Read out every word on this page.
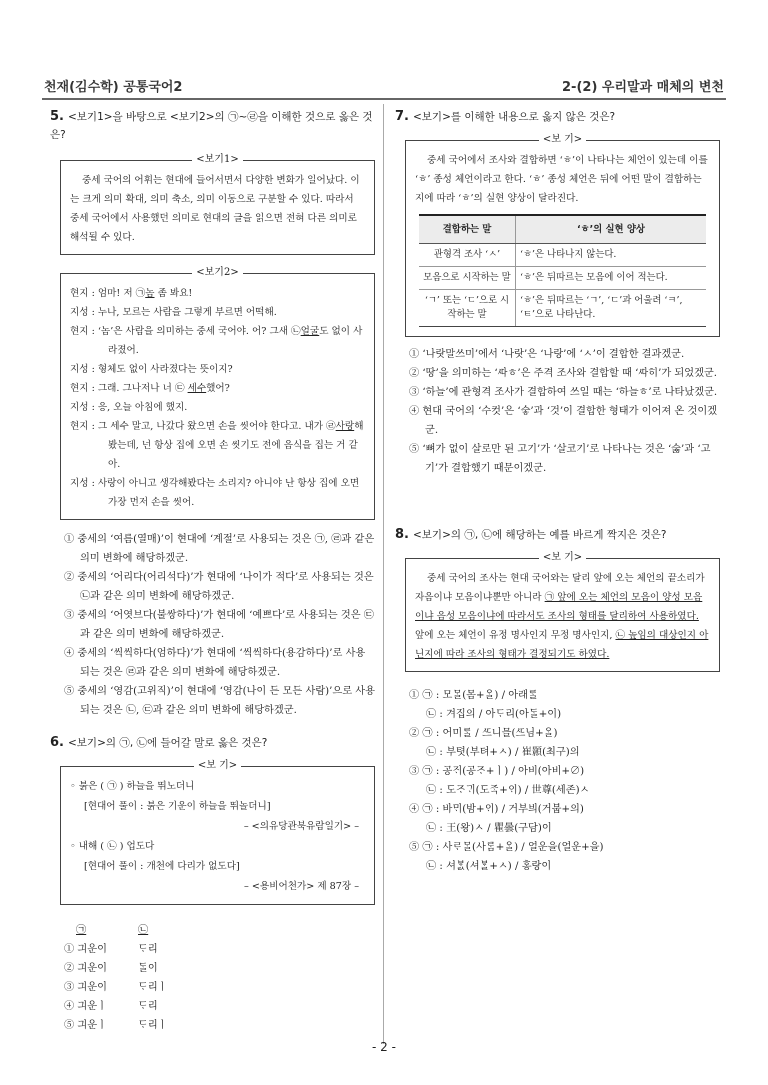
천재(김수학) 공통국어2	2-(2) 우리말과 매체의 변천
5. <보기1>을 바탕으로 <보기2>의 ㉠~㉣을 이해한 것으로 옳은 것은?
<보기1>
중세 국어의 어휘는 현대에 들어서면서 다양한 변화가 일어났다. 이는 크게 의미 확대, 의미 축소, 의미 이동으로 구분할 수 있다. 따라서 중세 국어에서 사용했던 의미로 현대의 글을 읽으면 전혀 다른 의미로 해석될 수 있다.
<보기2>
현지 : 엄마! 저 ㉠놈 좀 봐요!
지성 : 누나, 모르는 사람을 그렇게 부르면 어떡해.
현지 : ‘놈’은 사람을 의미하는 중세 국어야. 어? 그새 ㉡얼굴도 없이 사라졌어.
지성 : 형체도 없이 사라졌다는 뜻이지?
현지 : 그래. 그나저나 너 ㉢ 세수했어?
지성 : 응, 오늘 아침에 했지.
현지 : 그 세수 말고, 나갔다 왔으면 손을 씻어야 한다고. 내가 ㉣사랑해봤는데, 넌 항상 집에 오면 손 씻기도 전에 음식을 집는 거 같아.
지성 : 사랑이 아니고 생각해봤다는 소리지? 아니야 난 항상 집에 오면 가장 먼저 손을 씻어.
① 중세의 ‘여름(열매)’이 현대에 ‘계절’로 사용되는 것은 ㉠, ㉣과 같은 의미 변화에 해당하겠군.
② 중세의 ‘어리다(어리석다)’가 현대에 ‘나이가 적다’로 사용되는 것은 ㉡과 같은 의미 변화에 해당하겠군.
③ 중세의 ‘어엿브다(불쌍하다)’가 현대에 ‘예쁘다’로 사용되는 것은 ㉢과 같은 의미 변화에 해당하겠군.
④ 중세의 ‘씩씩하다(엄하다)’가 현대에 ‘씩씩하다(용감하다)’로 사용되는 것은 ㉣과 같은 의미 변화에 해당하겠군.
⑤ 중세의 ‘영감(고위직)’이 현대에 ‘영감(나이 든 모든 사람)’으로 사용되는 것은 ㉡, ㉢과 같은 의미 변화에 해당하겠군.
6. <보기>의 ㉠, ㉡에 들어갈 말로 옳은 것은?
<보 기>
◦ 붉은 ( ㉠ ) 하늘을 뛰노더니
[현대어 풀이 : 붉은 기운이 하늘을 뛰놀더니]
– <의유당관북유람일기> –
◦ 내해 ( ㉡ ) 업도다
[현대어 풀이 : 개천에 다리가 없도다]
– <용비어천가> 제 87장 –
㉠	㉡
① 긔운이	ᄃᆞ리
② 긔운이	ᄃᆞᆯ이
③ 긔운이	ᄃᆞ리ㅣ
④ 긔운ㅣ	ᄃᆞ리
⑤ 긔운ㅣ	ᄃᆞ리ㅣ
7. <보기>를 이해한 내용으로 옳지 않은 것은?
<보 기>
중세 국어에서 조사와 결합하면 ‘ㅎ’이 나타나는 체언이 있는데 이를 ‘ㅎ’ 종성 체언이라고 한다. ‘ㅎ’ 종성 체언은 뒤에 어떤 말이 결합하는지에 따라 ‘ㅎ’의 실현 양상이 달라진다.
결합하는 말	‘ㅎ’의 실현 양상
관형격 조사 ‘ㅅ’	‘ㅎ’은 나타나지 않는다.
모음으로 시작하는 말	‘ㅎ’은 뒤따르는 모음에 이어 적는다.
‘ㄱ’ 또는 ‘ㄷ’으로 시작하는 말	‘ㅎ’은 뒤따르는 ‘ㄱ’, ‘ㄷ’과 어울려 ‘ㅋ’, ‘ㅌ’으로 나타난다.
① ‘나랏말쓰미’에서 ‘나랏’은 ‘나랑’에 ‘ㅅ’이 결합한 결과겠군.
② ‘땅’을 의미하는 ‘ᄯᅡㅎ’은 주격 조사와 결합할 때 ‘ᄯᅡ히’가 되었겠군.
③ ‘하늘’에 관형격 조사가 결합하여 쓰일 때는 ‘하늘ㅎ’로 나타났겠군.
④ 현대 국어의 ‘수컷’은 ‘숳’과 ‘것’이 결합한 형태가 이어져 온 것이겠군.
⑤ ‘뼈가 없이 살로만 된 고기’가 ‘살코기’로 나타나는 것은 ‘숧’과 ‘고기’가 결합했기 때문이겠군.
8. <보기>의 ㉠, ㉡에 해당하는 예를 바르게 짝지은 것은?
<보 기>
중세 국어의 조사는 현대 국어와는 달리 앞에 오는 체언의 끝소리가 자음이냐 모음이냐뿐만 아니라 ㉠ 앞에 오는 체언의 모음이 양성 모음이냐 음성 모음이냐에 따라서도 조사의 형태를 달리하여 사용하였다. 앞에 오는 체언이 유정 명사인지 무정 명사인지, ㉡ 높임의 대상인지 아닌지에 따라 조사의 형태가 결정되기도 하였다.
① ㉠ : 모ᄆᆞᆯ(몸+ᄋᆞᆯ) / 아래ᄅᆞᆯ
㉡ : 겨집의 / 아ᄃᆞ리(아ᄃᆞᆯ+이)
② ㉠ : 어미ᄅᆞᆯ / ᄯᅳ니믈(ᄯᅳ님+ᄋᆞᆯ)
㉡ : 부텻(부텨+ㅅ) / 崔顥(최구)의
③ ㉠ : 공ᄌᆡ(공ᄌᆞ+ㅣ) / 아비(아비+∅)
㉡ : 도ᄌᆞᄀᆡ(도ᄌᆞᆨ+ᄋᆡ) / 世尊(세존)ㅅ
④ ㉠ : 바ᄆᆡ(밤+ᄋᆡ) / 거부븨(거붑+의)
㉡ : 王(왕)ㅅ / 瞿曇(구담)이
⑤ ㉠ : 사ᄅᆞᄆᆞᆯ(사ᄅᆞᆷ+ᄋᆞᆯ) / 얼운을(얼운+을)
㉡ : 셔ᄫᆞᆳ(셔ᄫᆞᆯ+ㅅ) / 홍랑이
- 2 -
